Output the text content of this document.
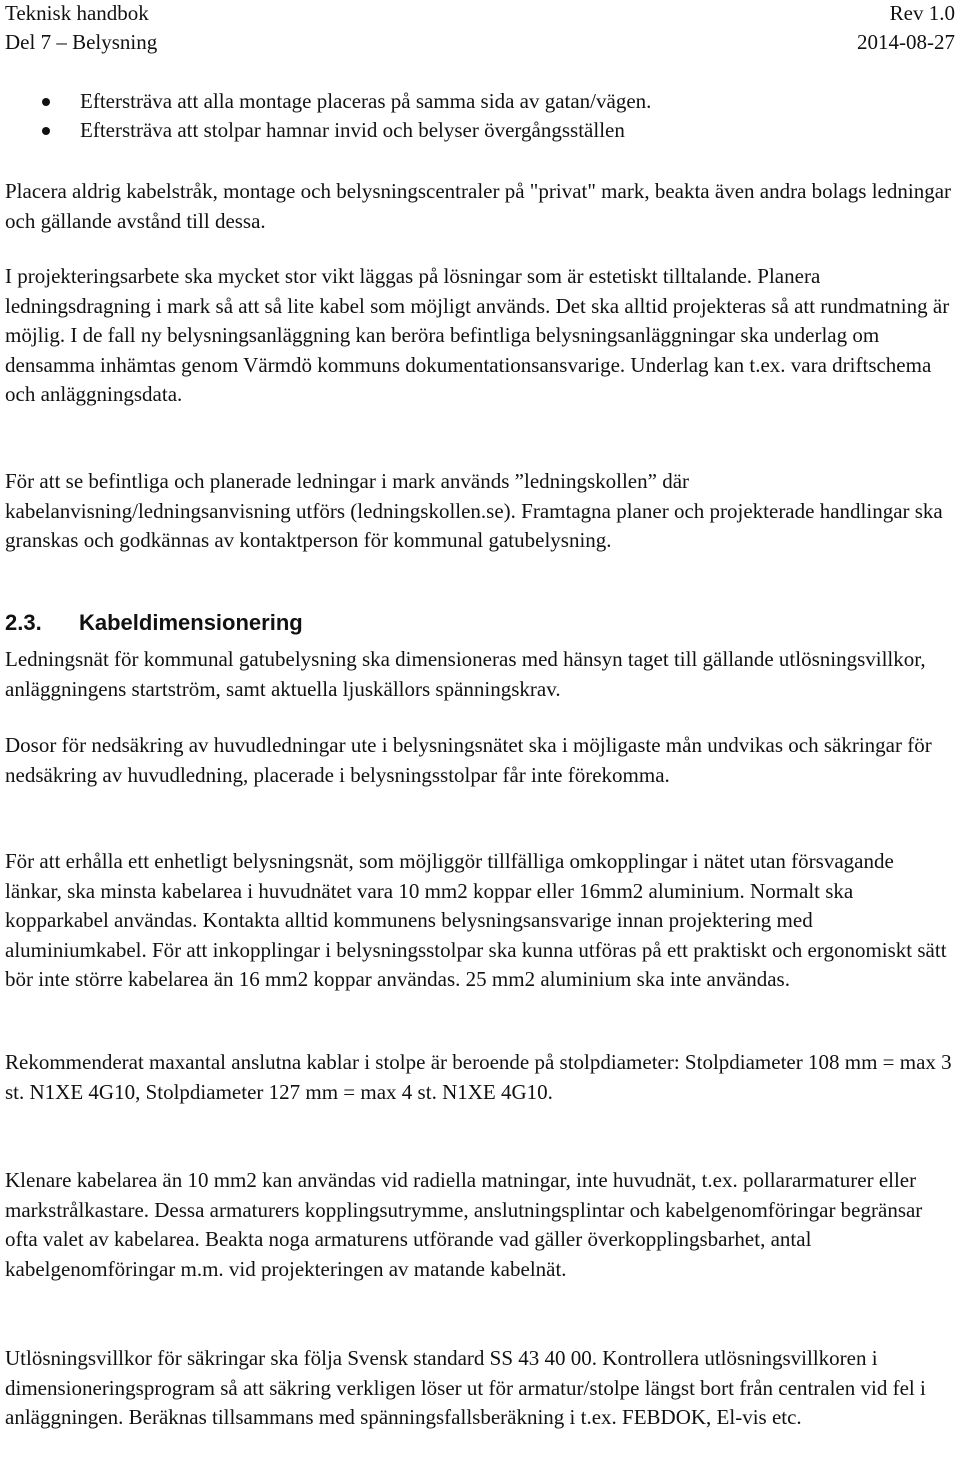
Teknisk handbok	Rev 1.0
Del 7 – Belysning	2014-08-27
Eftersträva att alla montage placeras på samma sida av gatan/vägen.
Eftersträva att stolpar hamnar invid och belyser övergångsställen

Placera aldrig kabelstråk, montage och belysningscentraler på "privat" mark, beakta även andra bolags ledningar och gällande avstånd till dessa.

I projekteringsarbete ska mycket stor vikt läggas på lösningar som är estetiskt tilltalande. Planera ledningsdragning i mark så att så lite kabel som möjligt används. Det ska alltid projekteras så att rundmatning är möjlig. I de fall ny belysningsanläggning kan beröra befintliga belysningsanläggningar ska underlag om densamma inhämtas genom Värmdö kommuns dokumentationsansvarige. Underlag kan t.ex. vara driftschema och anläggningsdata.

För att se befintliga och planerade ledningar i mark används ”ledningskollen” där kabelanvisning/ledningsanvisning utförs (ledningskollen.se). Framtagna planer och projekterade handlingar ska granskas och godkännas av kontaktperson för kommunal gatubelysning.

2.3. Kabeldimensionering

Ledningsnät för kommunal gatubelysning ska dimensioneras med hänsyn taget till gällande utlösningsvillkor, anläggningens startström, samt aktuella ljuskällors spänningskrav.

Dosor för nedsäkring av huvudledningar ute i belysningsnätet ska i möjligaste mån undvikas och säkringar för nedsäkring av huvudledning, placerade i belysningsstolpar får inte förekomma.

För att erhålla ett enhetligt belysningsnät, som möjliggör tillfälliga omkopplingar i nätet utan försvagande länkar, ska minsta kabelarea i huvudnätet vara 10 mm2 koppar eller 16mm2 aluminium. Normalt ska kopparkabel användas. Kontakta alltid kommunens belysningsansvarige innan projektering med aluminiumkabel. För att inkopplingar i belysningsstolpar ska kunna utföras på ett praktiskt och ergonomiskt sätt bör inte större kabelarea än 16 mm2 koppar användas. 25 mm2 aluminium ska inte användas.

Rekommenderat maxantal anslutna kablar i stolpe är beroende på stolpdiameter: Stolpdiameter 108 mm = max 3 st. N1XE 4G10, Stolpdiameter 127 mm = max 4 st. N1XE 4G10.

Klenare kabelarea än 10 mm2 kan användas vid radiella matningar, inte huvudnät, t.ex. pollararmaturer eller markstrålkastare. Dessa armaturers kopplingsutrymme, anslutningsplintar och kabelgenomföringar begränsar ofta valet av kabelarea. Beakta noga armaturens utförande vad gäller överkopplingsbarhet, antal kabelgenomföringar m.m. vid projekteringen av matande kabelnät.

Utlösningsvillkor för säkringar ska följa Svensk standard SS 43 40 00. Kontrollera utlösningsvillkoren i dimensioneringsprogram så att säkring verkligen löser ut för armatur/stolpe längst bort från centralen vid fel i anläggningen. Beräknas tillsammans med spänningsfallsberäkning i t.ex. FEBDOK, El-vis etc.
